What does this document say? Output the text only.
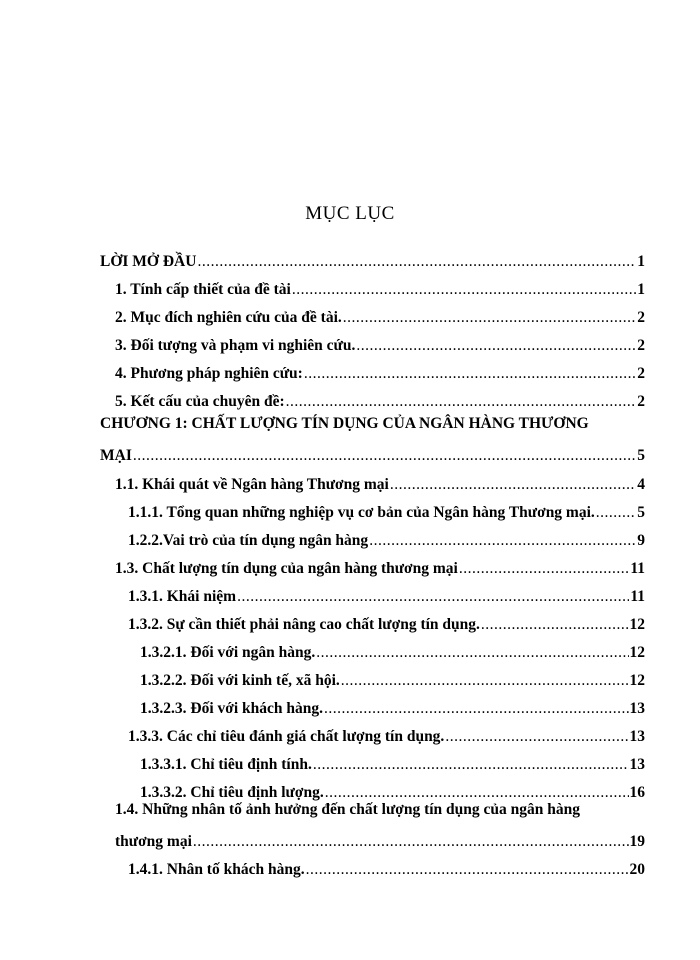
MỤC LỤC
LỜI MỞ ĐẦU .....	1
1. Tính cấp thiết của đề tài .....	1
2. Mục đích nghiên cứu của đề tài. .....	2
3. Đối tượng và phạm vi nghiên cứu. .....	2
4. Phương pháp nghiên cứu: .....	2
5. Kết cấu của chuyên đề: .....	2
CHƯƠNG 1: CHẤT LƯỢNG TÍN DỤNG CỦA NGÂN HÀNG THƯƠNG
MẠI .....	5
1.1. Khái quát về Ngân hàng Thương mại .....	4
1.1.1. Tổng quan những nghiệp vụ cơ bản của Ngân hàng Thương mại. .....	5
1.2.2.Vai trò của tín dụng ngân hàng .....	9
1.3. Chất lượng tín dụng của ngân hàng thương mại .....	11
1.3.1. Khái niệm .....	11
1.3.2. Sự cần thiết phải nâng cao chất lượng tín dụng. .....	12
1.3.2.1. Đối với ngân hàng. .....	12
1.3.2.2. Đối với kinh tế, xã hội. .....	12
1.3.2.3. Đối với khách hàng. .....	13
1.3.3. Các chỉ tiêu đánh giá chất lượng tín dụng. .....	13
1.3.3.1. Chỉ tiêu định tính. .....	13
1.3.3.2. Chỉ tiêu định lượng. .....	16
1.4. Những nhân tố ảnh hưởng đến chất lượng tín dụng của ngân hàng
thương mại .....	19
1.4.1. Nhân tố khách hàng. .....	20
